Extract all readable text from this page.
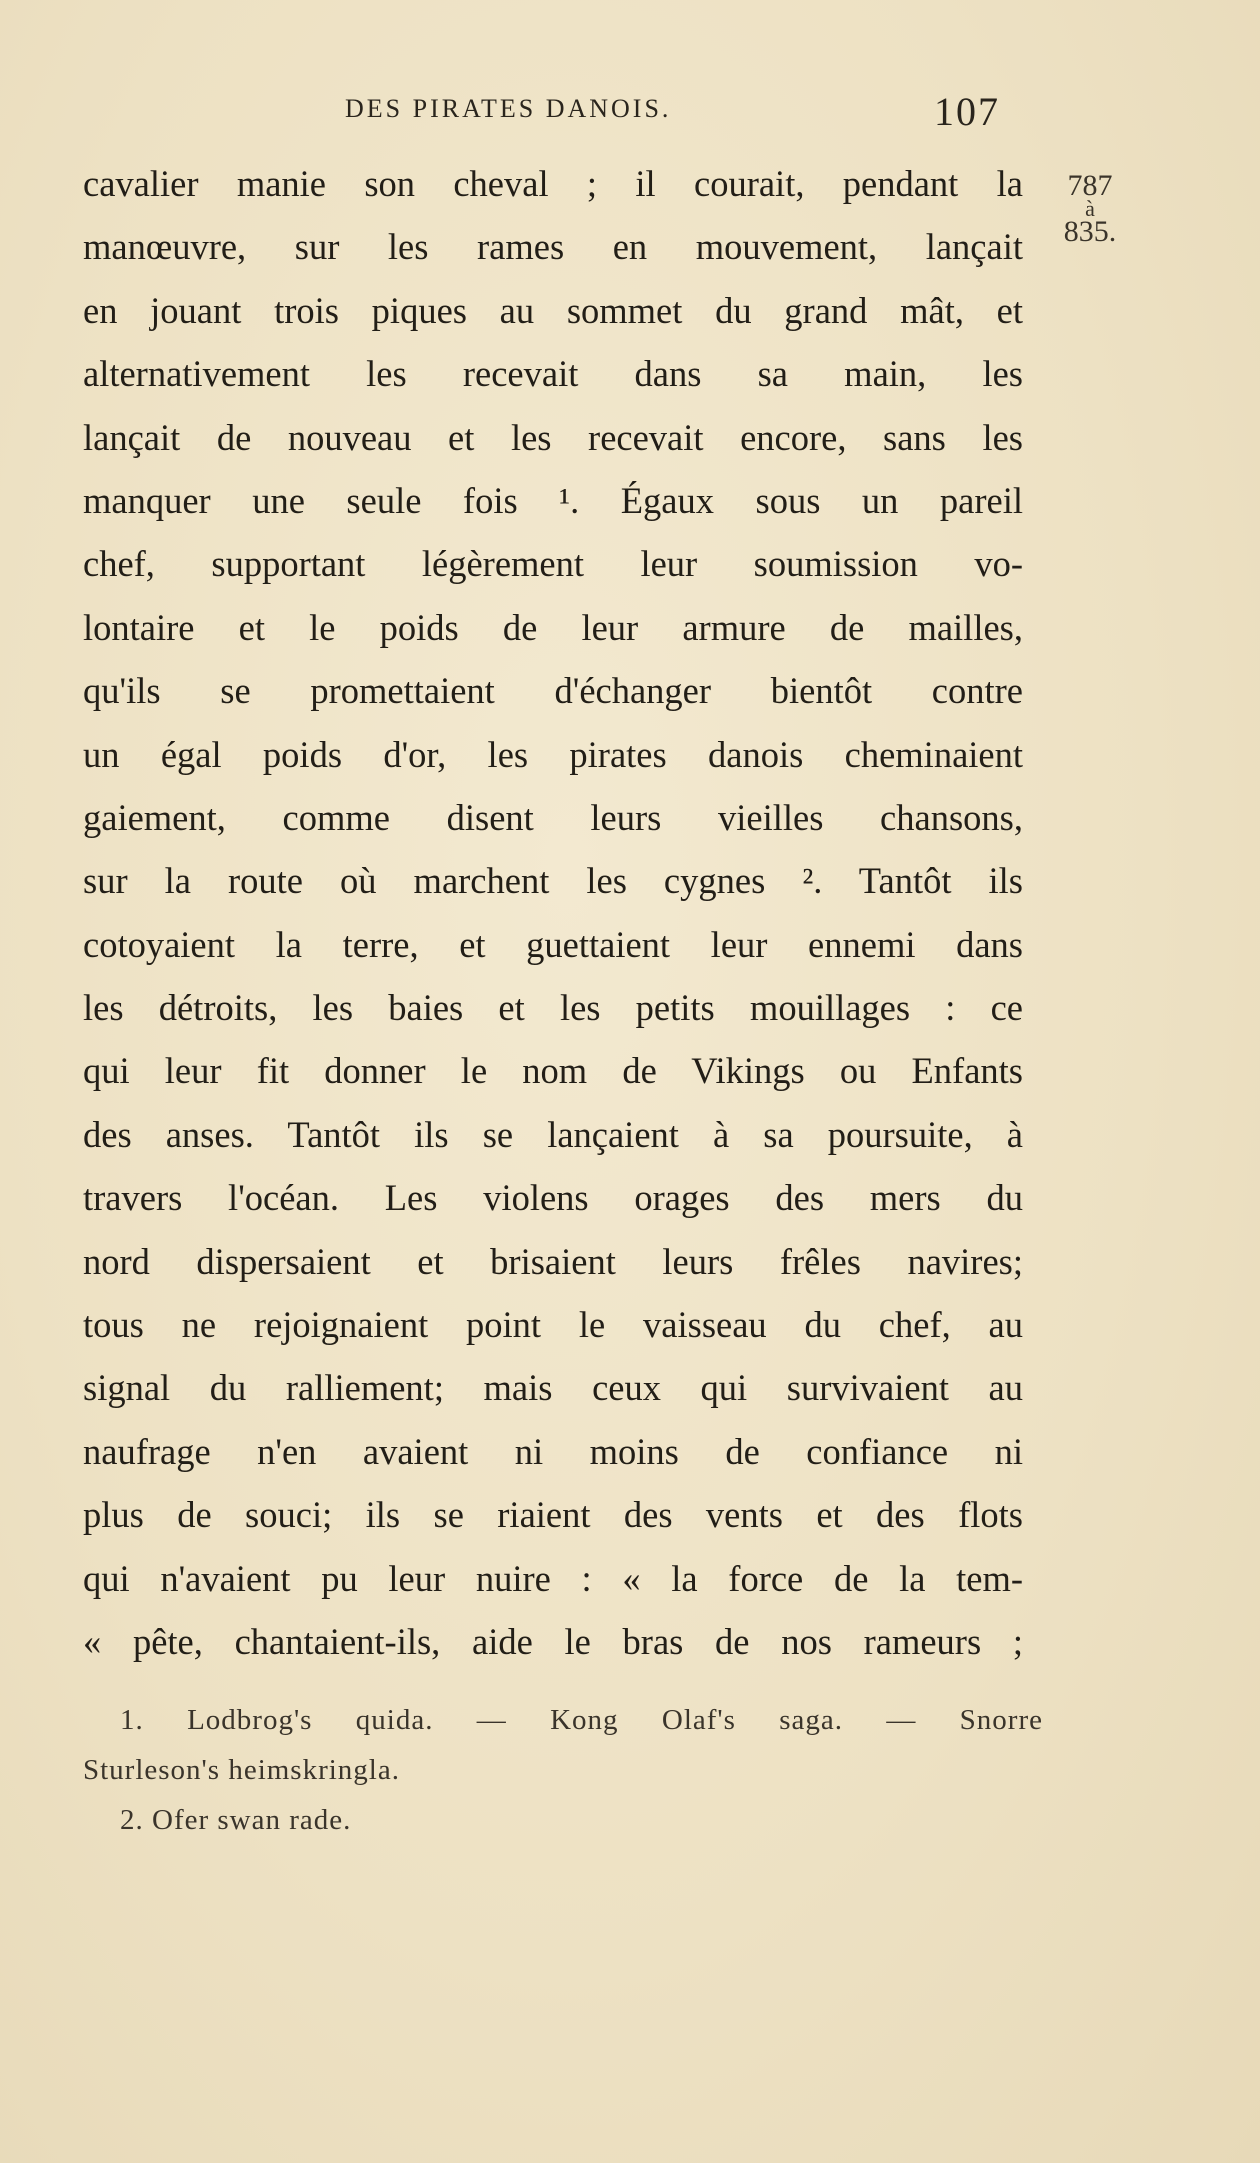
DES PIRATES DANOIS.	107
787
à
835.
cavalier manie son cheval ; il courait, pendant la
manœuvre, sur les rames en mouvement, lançait
en jouant trois piques au sommet du grand mât, et
alternativement les recevait dans sa main, les
lançait de nouveau et les recevait encore, sans les
manquer une seule fois ¹. Égaux sous un pareil
chef, supportant légèrement leur soumission vo-
lontaire et le poids de leur armure de mailles,
qu'ils se promettaient d'échanger bientôt contre
un égal poids d'or, les pirates danois cheminaient
gaiement, comme disent leurs vieilles chansons,
sur la route où marchent les cygnes ². Tantôt ils
cotoyaient la terre, et guettaient leur ennemi dans
les détroits, les baies et les petits mouillages : ce
qui leur fit donner le nom de Vikings ou Enfants
des anses. Tantôt ils se lançaient à sa poursuite, à
travers l'océan. Les violens orages des mers du
nord dispersaient et brisaient leurs frêles navires;
tous ne rejoignaient point le vaisseau du chef, au
signal du ralliement; mais ceux qui survivaient au
naufrage n'en avaient ni moins de confiance ni
plus de souci; ils se riaient des vents et des flots
qui n'avaient pu leur nuire : « la force de la tem-
« pête, chantaient-ils, aide le bras de nos rameurs ;
1. Lodbrog's quida. — Kong Olaf's saga. — Snorre
Sturleson's heimskringla.
2. Ofer swan rade.
